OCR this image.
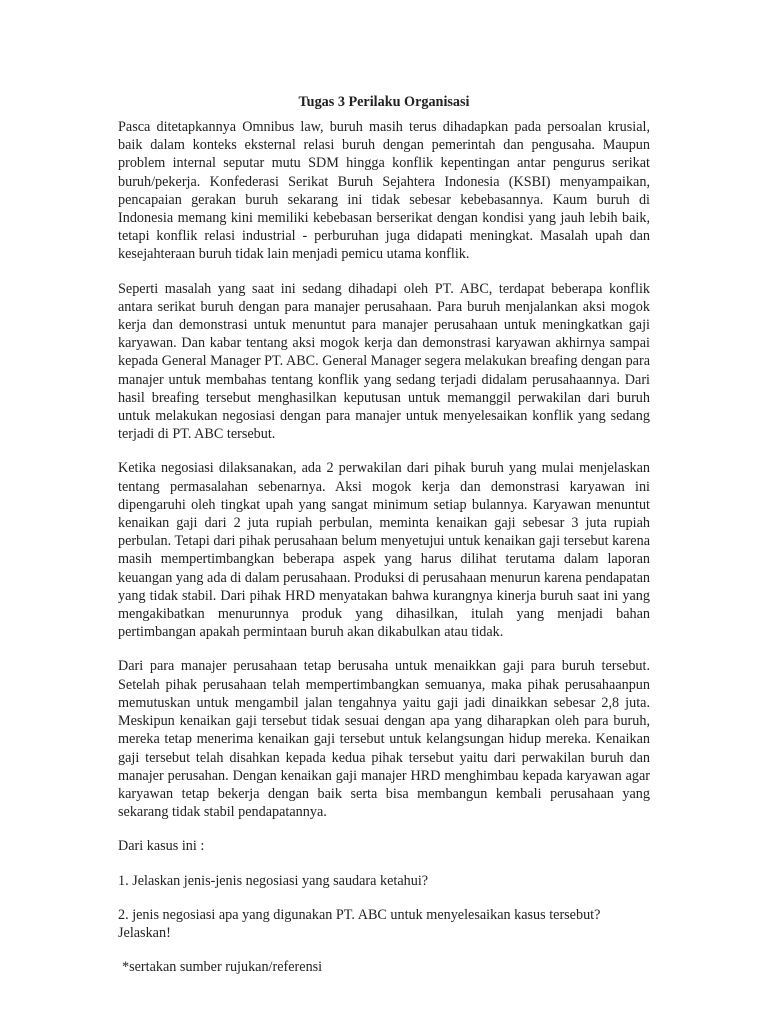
Tugas 3 Perilaku Organisasi

Pasca ditetapkannya Omnibus law, buruh masih terus dihadapkan pada persoalan krusial, baik dalam konteks eksternal relasi buruh dengan pemerintah dan pengusaha. Maupun problem internal seputar mutu SDM hingga konflik kepentingan antar pengurus serikat buruh/pekerja. Konfederasi Serikat Buruh Sejahtera Indonesia (KSBI) menyampaikan, pencapaian gerakan buruh sekarang ini tidak sebesar kebebasannya. Kaum buruh di Indonesia memang kini memiliki kebebasan berserikat dengan kondisi yang jauh lebih baik, tetapi konflik relasi industrial - perburuhan juga didapati meningkat. Masalah upah dan kesejahteraan buruh tidak lain menjadi pemicu utama konflik.

Seperti masalah yang saat ini sedang dihadapi oleh PT. ABC, terdapat beberapa konflik antara serikat buruh dengan para manajer perusahaan. Para buruh menjalankan aksi mogok kerja dan demonstrasi untuk menuntut para manajer perusahaan untuk meningkatkan gaji karyawan. Dan kabar tentang aksi mogok kerja dan demonstrasi karyawan akhirnya sampai kepada General Manager PT. ABC. General Manager segera melakukan breafing dengan para manajer untuk membahas tentang konflik yang sedang terjadi didalam perusahaannya. Dari hasil breafing tersebut menghasilkan keputusan untuk memanggil perwakilan dari buruh untuk melakukan negosiasi dengan para manajer untuk menyelesaikan konflik yang sedang terjadi di PT. ABC tersebut.

Ketika negosiasi dilaksanakan, ada 2 perwakilan dari pihak buruh yang mulai menjelaskan tentang permasalahan sebenarnya. Aksi mogok kerja dan demonstrasi karyawan ini dipengaruhi oleh tingkat upah yang sangat minimum setiap bulannya. Karyawan menuntut kenaikan gaji dari 2 juta rupiah perbulan, meminta kenaikan gaji sebesar 3 juta rupiah perbulan. Tetapi dari pihak perusahaan belum menyetujui untuk kenaikan gaji tersebut karena masih mempertimbangkan beberapa aspek yang harus dilihat terutama dalam laporan keuangan yang ada di dalam perusahaan. Produksi di perusahaan menurun karena pendapatan yang tidak stabil. Dari pihak HRD menyatakan bahwa kurangnya kinerja buruh saat ini yang mengakibatkan menurunnya produk yang dihasilkan, itulah yang menjadi bahan pertimbangan apakah permintaan buruh akan dikabulkan atau tidak.

Dari para manajer perusahaan tetap berusaha untuk menaikkan gaji para buruh tersebut. Setelah pihak perusahaan telah mempertimbangkan semuanya, maka pihak perusahaanpun memutuskan untuk mengambil jalan tengahnya yaitu gaji jadi dinaikkan sebesar 2,8 juta. Meskipun kenaikan gaji tersebut tidak sesuai dengan apa yang diharapkan oleh para buruh, mereka tetap menerima kenaikan gaji tersebut untuk kelangsungan hidup mereka. Kenaikan gaji tersebut telah disahkan kepada kedua pihak tersebut yaitu dari perwakilan buruh dan manajer perusahan. Dengan kenaikan gaji manajer HRD menghimbau kepada karyawan agar karyawan tetap bekerja dengan baik serta bisa membangun kembali perusahaan yang sekarang tidak stabil pendapatannya.

Dari kasus ini :

1. Jelaskan jenis-jenis negosiasi yang saudara ketahui?

2. jenis negosiasi apa yang digunakan PT. ABC untuk menyelesaikan kasus tersebut? Jelaskan!

*sertakan sumber rujukan/referensi
